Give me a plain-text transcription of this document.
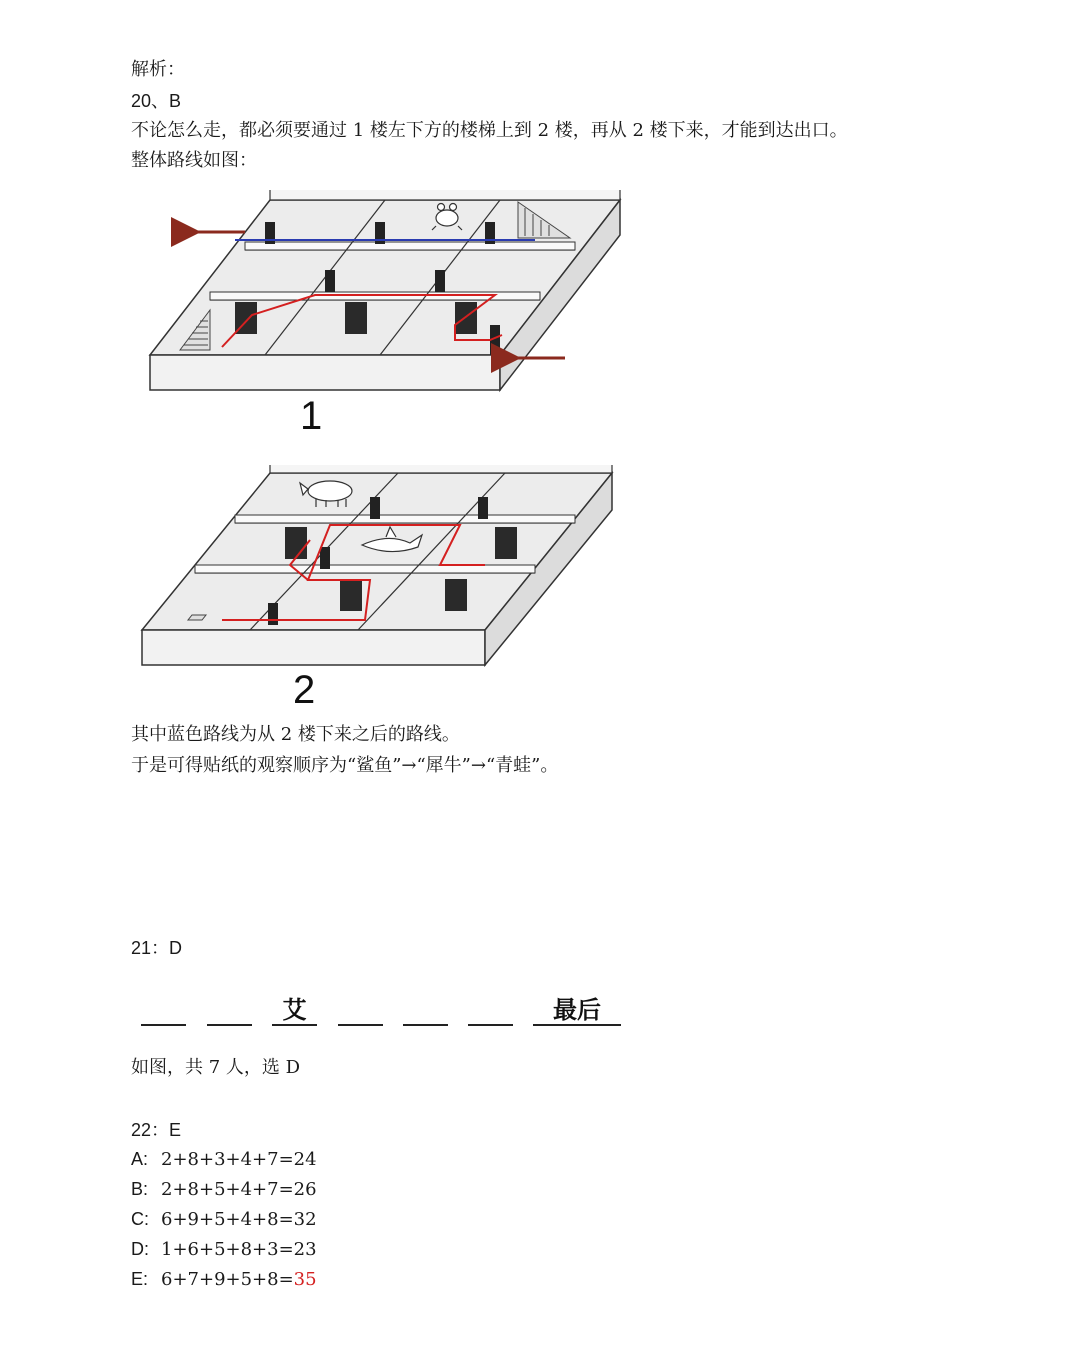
解析：
20、B
不论怎么走，都必须要通过 1 楼左下方的楼梯上到 2 楼，再从 2 楼下来，才能到达出口。
整体路线如图：
1
2
其中蓝色路线为从 2 楼下来之后的路线。
于是可得贴纸的观察顺序为“鲨鱼”→“犀牛”→“青蛙”。
21：D
艾	最后
如图，共 7 人，选 D
22：E
A: 2+8+3+4+7=24
B: 2+8+5+4+7=26
C: 6+9+5+4+8=32
D: 1+6+5+8+3=23
E: 6+7+9+5+8=35
